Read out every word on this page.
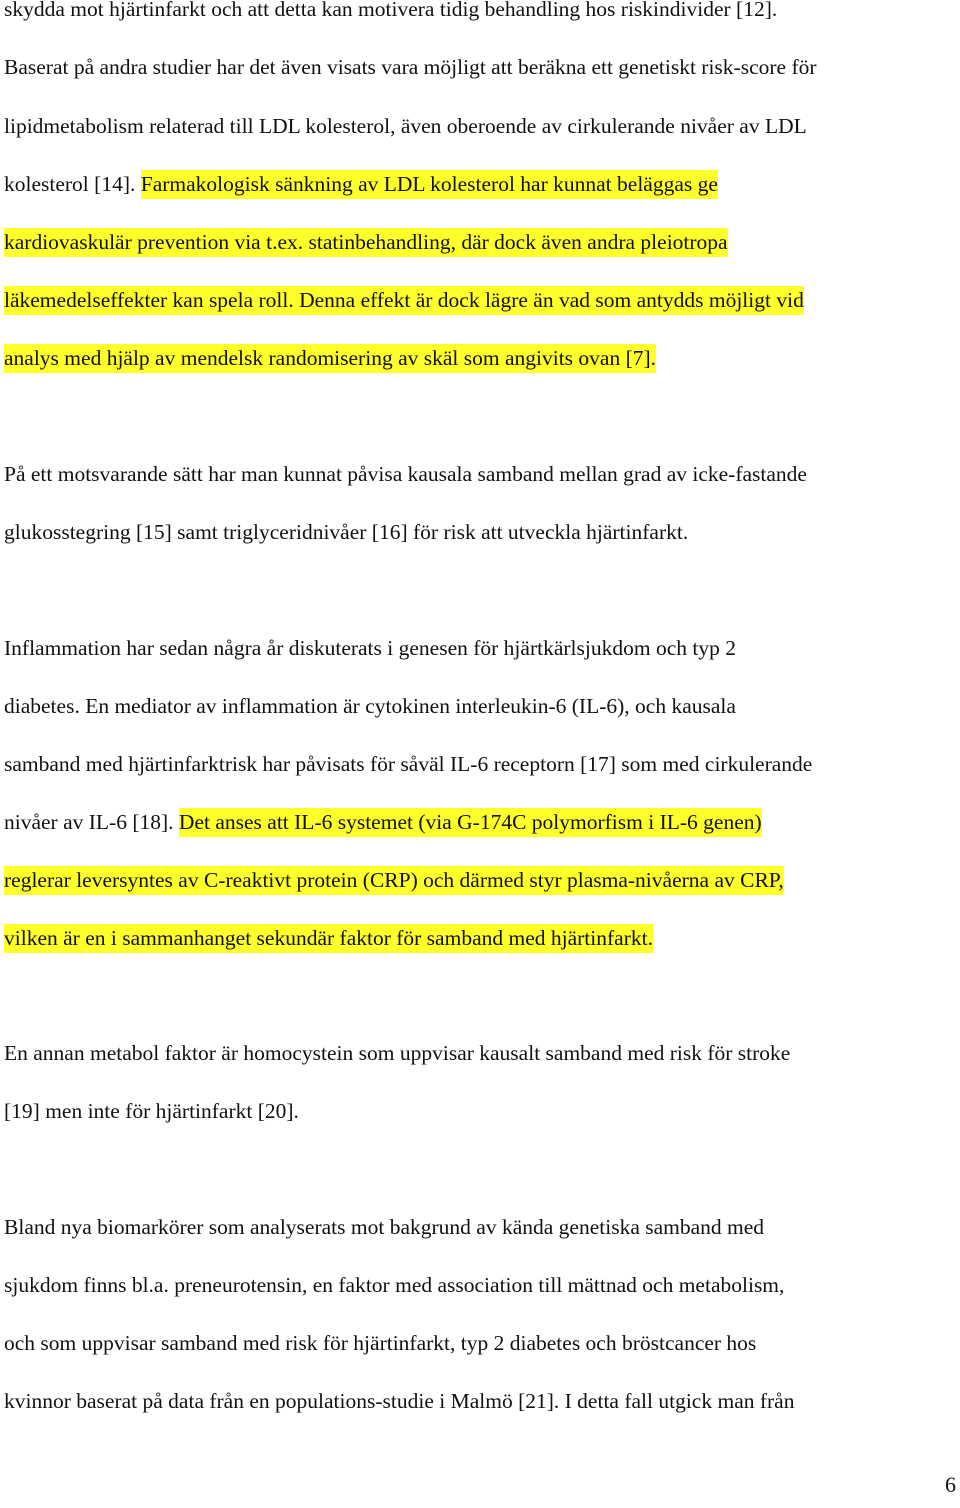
skydda mot hjärtinfarkt och att detta kan motivera tidig behandling hos riskindivider [12].

Baserat på andra studier har det även visats vara möjligt att beräkna ett genetiskt risk-score för

lipidmetabolism relaterad till LDL kolesterol, även oberoende av cirkulerande nivåer av LDL

kolesterol [14]. Farmakologisk sänkning av LDL kolesterol har kunnat beläggas ge

kardiovaskulär prevention via t.ex. statinbehandling, där dock även andra pleiotropa

läkemedelseffekter kan spela roll. Denna effekt är dock lägre än vad som antydds möjligt vid

analys med hjälp av mendelsk randomisering av skäl som angivits ovan [7].

På ett motsvarande sätt har man kunnat påvisa kausala samband mellan grad av icke-fastande

glukosstegring [15] samt triglyceridnivåer [16] för risk att utveckla hjärtinfarkt.

Inflammation har sedan några år diskuterats i genesen för hjärtkärlsjukdom och typ 2

diabetes. En mediator av inflammation är cytokinen interleukin-6 (IL-6), och kausala

samband med hjärtinfarktrisk har påvisats för såväl IL-6 receptorn [17] som med cirkulerande

nivåer av IL-6 [18]. Det anses att IL-6 systemet (via G-174C polymorfism i IL-6 genen)

reglerar leversyntes av C-reaktivt protein (CRP) och därmed styr plasma-nivåerna av CRP,

vilken är en i sammanhanget sekundär faktor för samband med hjärtinfarkt.

En annan metabol faktor är homocystein som uppvisar kausalt samband med risk för stroke

[19] men inte för hjärtinfarkt [20].

Bland nya biomarkörer som analyserats mot bakgrund av kända genetiska samband med

sjukdom finns bl.a. preneurotensin, en faktor med association till mättnad och metabolism,

och som uppvisar samband med risk för hjärtinfarkt, typ 2 diabetes och bröstcancer hos

kvinnor baserat på data från en populations-studie i Malmö [21]. I detta fall utgick man från

6
